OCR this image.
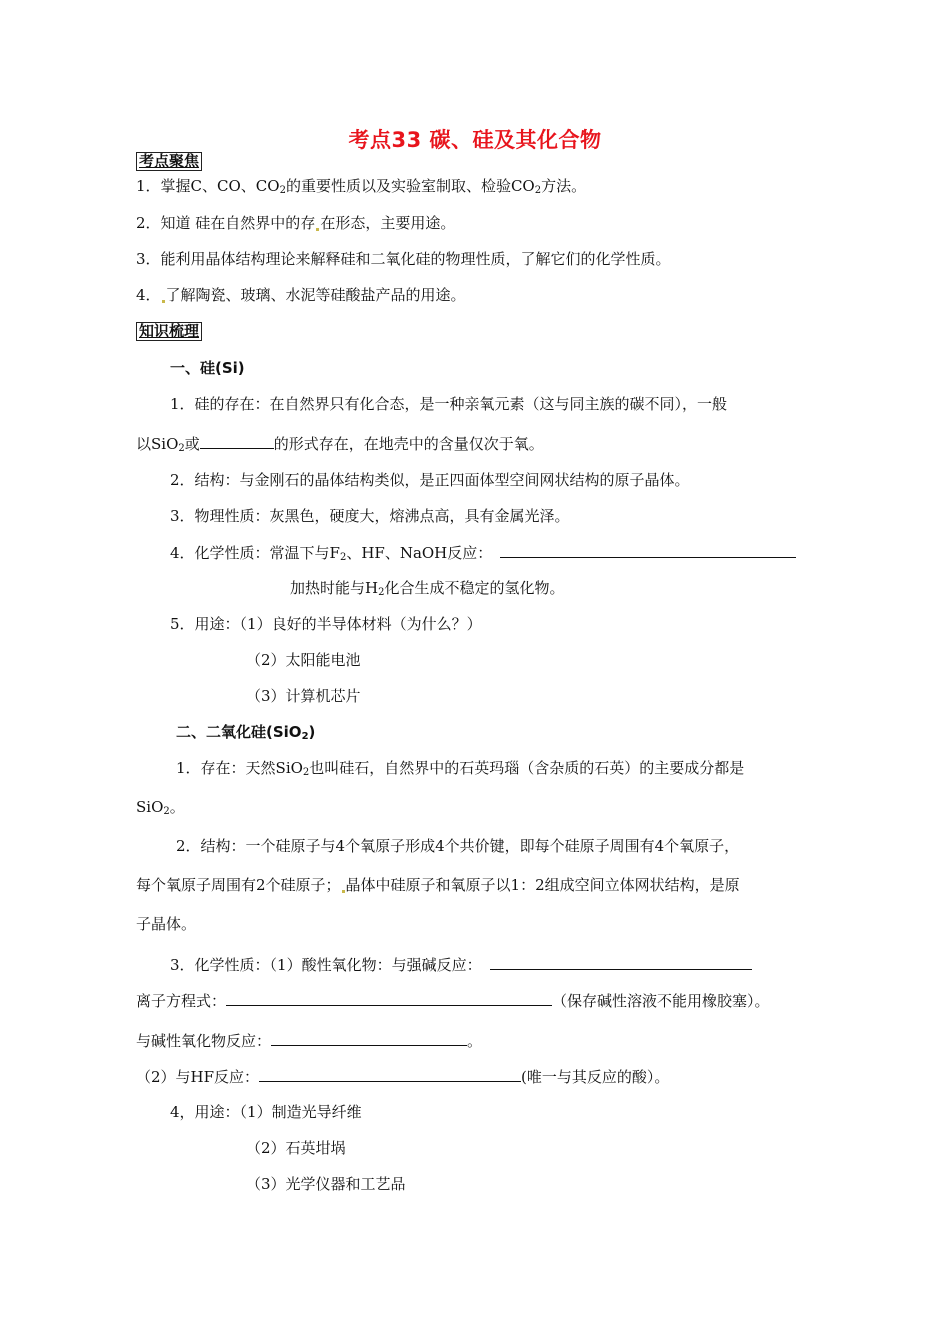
考点33 碳、硅及其化合物
考点聚焦
1．掌握C、CO、$CO_2$的重要性质以及实验室制取、检验$CO_2$方法。
2．知道 硅在自然界中的存 在形态，主要用途。
3．能利用晶体结构理论来解释硅和二氧化硅的物理性质，了解它们的化学性质。
4． 了解陶瓷、玻璃、水泥等硅酸盐产品的用途。
知识梳理
一、硅(Si)
1．硅的存在：在自然界只有化合态，是一种亲氧元素（这与同主族的碳不同），一般
以SiO$_2$或	的形式存在，在地壳中的含量仅次于氧。
2．结构：与金刚石的晶体结构类似，是正四面体型空间网状结构的原子晶体。
3．物理性质：灰黑色，硬度大，熔沸点高，具有金属光泽。
4．化学性质：常温下与$F_2$、HF、NaOH反应：
加热时能与$H_2$化合生成不稳定的氢化物。
5．用途：（1）良好的半导体材料（为什么？）
（2）太阳能电池
（3）计算机芯片
二、二氧化硅(SiO$_2$)
1．存在：天然SiO$_2$也叫硅石，自然界中的石英玛瑙（含杂质的石英）的主要成分都是
SiO$_2$。
2．结构：一个硅原子与4个氧原子形成4个共价键，即每个硅原子周围有4个氧原子，
每个氧原子周围有2个硅原子； 晶体中硅原子和氧原子以1：2组成空间立体网状结构，是原
子晶体。
3．化学性质：（1）酸性氧化物：与强碱反应：
离子方程式：	（保存碱性溶液不能用橡胶塞）。
与碱性氧化物反应：	。
（2）与HF反应：	(唯一与其反应的酸）。
4，用途：（1）制造光导纤维
（2）石英坩埚
（3）光学仪器和工艺品
